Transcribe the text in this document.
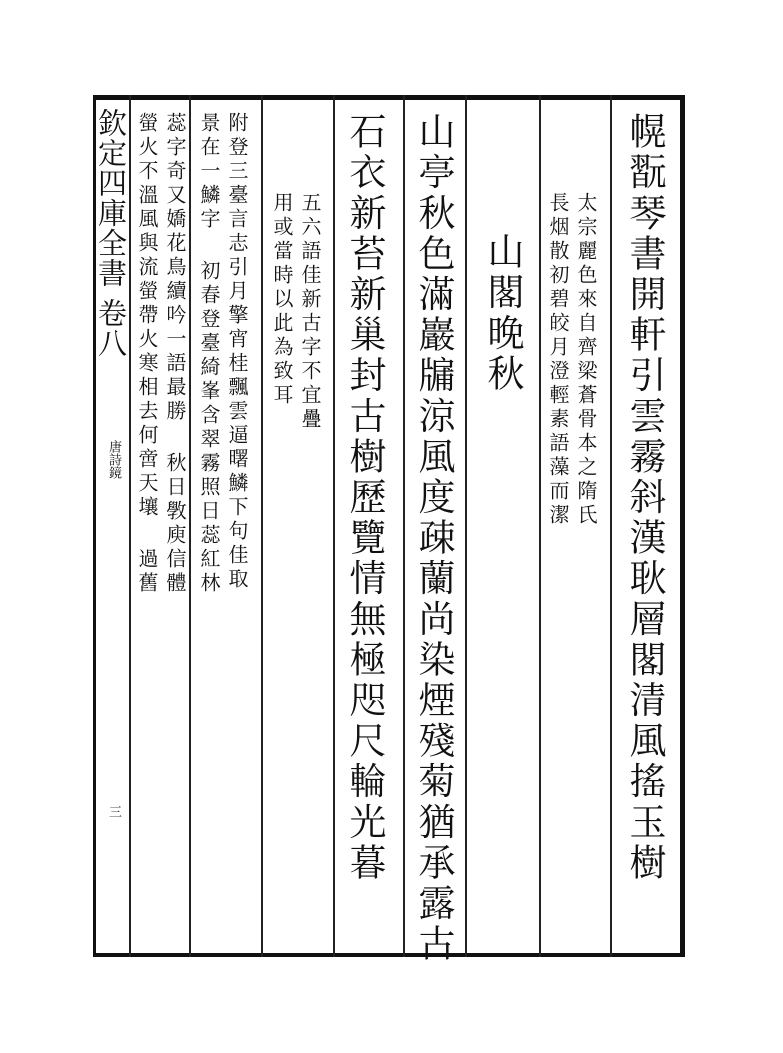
欽定四庫全書
卷八
唐詩鏡
三	幌翫琴書開軒引雲霧斜漢耿層閣清風搖玉樹
太宗麗色來自齊梁蒼骨本之隋氏
長烟散初碧皎月澄輕素語藻而潔
山閣晚秋
山亭秋色滿巖牖涼風度疎蘭尚染煙殘菊猶承露古
石衣新苔新巢封古樹歷覽情無極咫尺輪光暮
五六語佳新古字不宜疊
用或當時以此為致耳
附登三臺言志引月擎宵桂飄雲逼曙鱗下句佳取
景在一鱗字 初春登臺綺峯含翠霧照日蕊紅林
蕊字奇又嬌花鳥續吟一語最勝 秋日斆庾信體
螢火不溫風與流螢帶火寒相去何啻天壤 過舊
